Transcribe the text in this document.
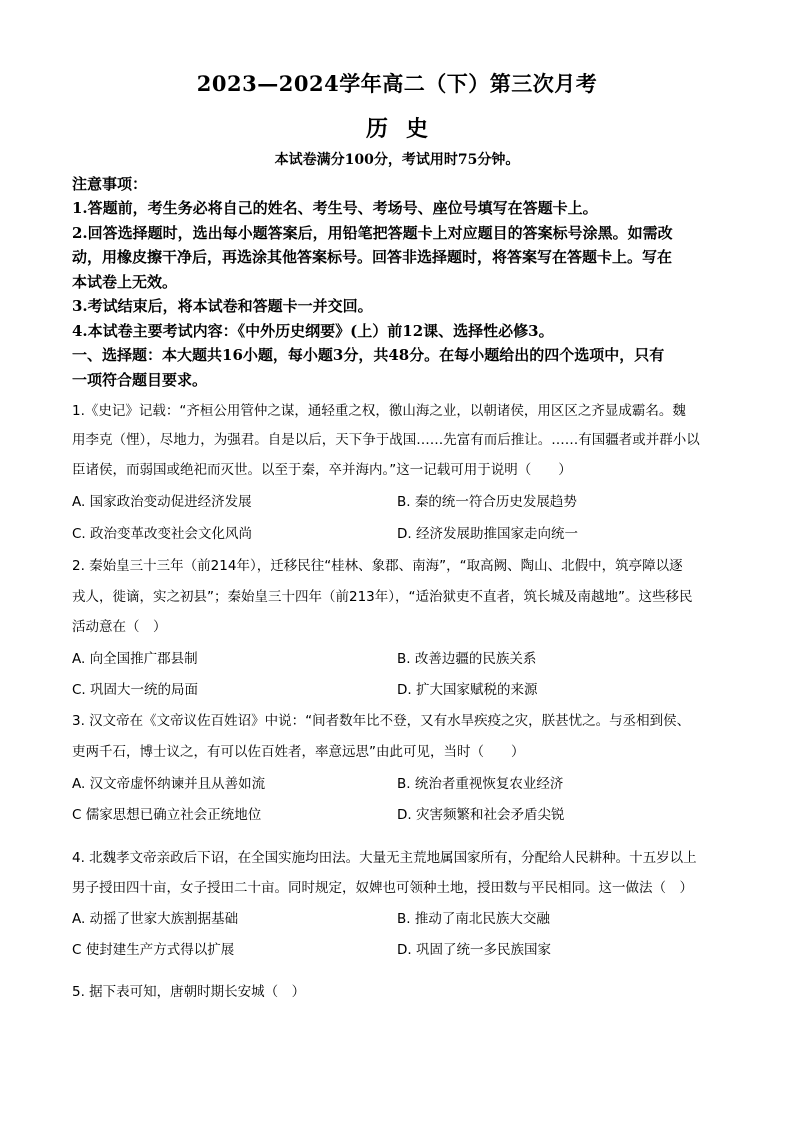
2023—2024学年高二（下）第三次月考
历史
本试卷满分100分，考试用时75分钟。
注意事项：
1.答题前，考生务必将自己的姓名、考生号、考场号、座位号填写在答题卡上。
2.回答选择题时，选出每小题答案后，用铅笔把答题卡上对应题目的答案标号涂黑。如需改
动，用橡皮擦干净后，再选涂其他答案标号。回答非选择题时，将答案写在答题卡上。写在
本试卷上无效。
3.考试结束后，将本试卷和答题卡一并交回。
4.本试卷主要考试内容：《中外历史纲要》(上）前12课、选择性必修3。
一、选择题：本大题共16小题，每小题3分，共48分。在每小题给出的四个选项中，只有
一项符合题目要求。
1.《史记》记载：“齐桓公用管仲之谋，通轻重之权，徼山海之业，以朝诸侯，用区区之齐显成霸名。魏
用李克（悝），尽地力，为强君。自是以后，天下争于战国……先富有而后推让。……有国疆者或并群小以
臣诸侯，而弱国或绝祀而灭世。以至于秦，卒并海内。”这一记载可用于说明（　　）
A. 国家政治变动促进经济发展	B. 秦的统一符合历史发展趋势
C. 政治变革改变社会文化风尚	D. 经济发展助推国家走向统一
2. 秦始皇三十三年（前214年），迁移民往“桂林、象郡、南海”，“取高阙、陶山、北假中，筑亭障以逐
戎人，徙谪，实之初县”；秦始皇三十四年（前213年），“适治狱吏不直者，筑长城及南越地”。这些移民
活动意在（　）
A. 向全国推广郡县制	B. 改善边疆的民族关系
C. 巩固大一统的局面	D. 扩大国家赋税的来源
3. 汉文帝在《文帝议佐百姓诏》中说：“间者数年比不登，又有水旱疾疫之灾，朕甚忧之。与丞相到侯、
吏两千石，博士议之，有可以佐百姓者，率意远思”由此可见，当时（　　）
A. 汉文帝虚怀纳谏并且从善如流	B. 统治者重视恢复农业经济
C 儒家思想已确立社会正统地位	D. 灾害频繁和社会矛盾尖锐
4. 北魏孝文帝亲政后下诏，在全国实施均田法。大量无主荒地属国家所有，分配给人民耕种。十五岁以上
男子授田四十亩，女子授田二十亩。同时规定，奴婢也可领种土地，授田数与平民相同。这一做法（　）
A. 动摇了世家大族割据基础	B. 推动了南北民族大交融
C 使封建生产方式得以扩展	D. 巩固了统一多民族国家
5. 据下表可知，唐朝时期长安城（　）
